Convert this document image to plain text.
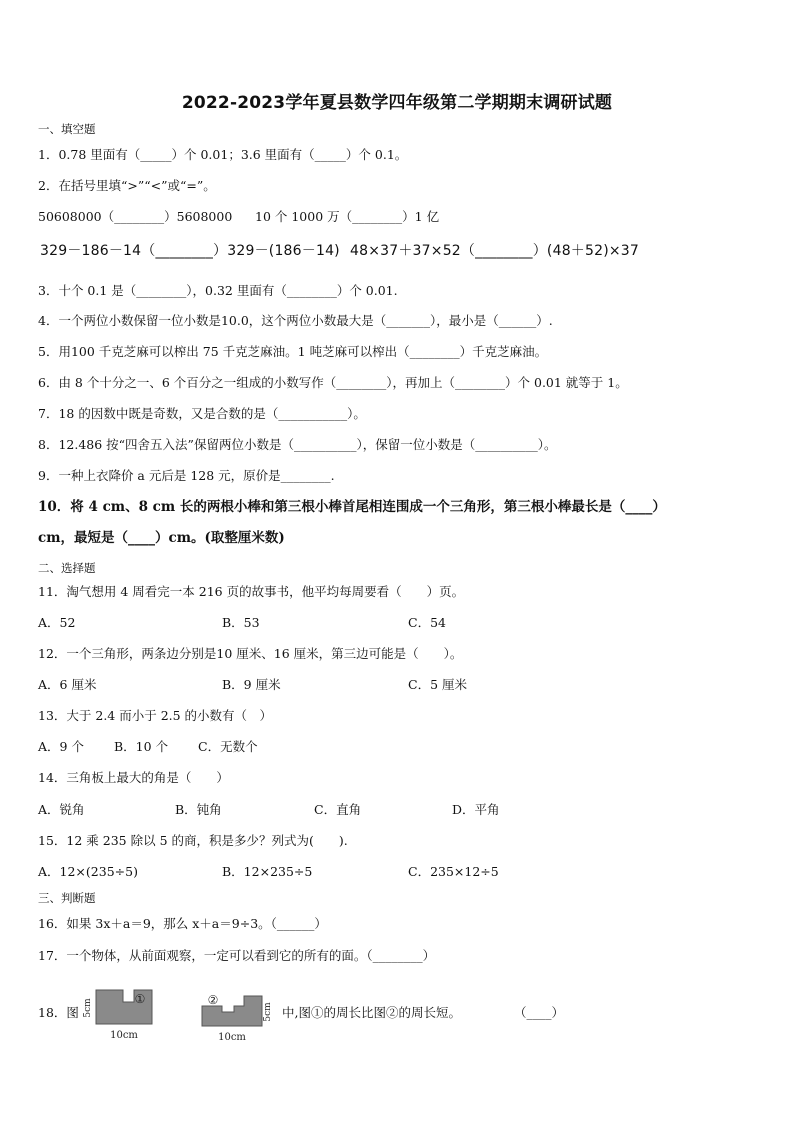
2022-2023学年夏县数学四年级第二学期期末调研试题
一、填空题
1．0.78 里面有（_____）个 0.01；3.6 里面有（_____）个 0.1。
2．在括号里填“>”“<”或“=”。
50608000（________）5608000 10 个 1000 万（________）1 亿
329－186－14（________）329－(186－14) 48×37＋37×52（________）(48＋52)×37
3．十个 0.1 是（________），0.32 里面有（________）个 0.01.
4．一个两位小数保留一位小数是10.0，这个两位小数最大是（_______），最小是（______）.
5．用100 千克芝麻可以榨出 75 千克芝麻油。1 吨芝麻可以榨出（________）千克芝麻油。
6．由 8 个十分之一、6 个百分之一组成的小数写作（________），再加上（________）个 0.01 就等于 1。
7．18 的因数中既是奇数，又是合数的是（___________）。
8．12.486 按“四舍五入法”保留两位小数是（__________），保留一位小数是（__________）。
9．一种上衣降价 a 元后是 128 元，原价是________.
10．将 4 cm、8 cm 长的两根小棒和第三根小棒首尾相连围成一个三角形，第三根小棒最长是（____）
cm，最短是（____）cm。(取整厘米数)
二、选择题
11．淘气想用 4 周看完一本 216 页的故事书，他平均每周要看（　　）页。
A．52	B．53	C．54
12．一个三角形，两条边分别是10 厘米、16 厘米，第三边可能是（　　）。
A．6 厘米	B．9 厘米	C．5 厘米
13．大于 2.4 而小于 2.5 的小数有（　）
A．9 个 B．10 个 C．无数个
14．三角板上最大的角是（　　）
A．锐角	B．钝角	C．直角	D．平角
15．12 乘 235 除以 5 的商，积是多少？列式为(　　).
A．12×(235÷5)	B．12×235÷5	C．235×12÷5
三、判断题
16．如果 3x＋a＝9，那么 x＋a＝9÷3。（______）
17．一个物体，从前面观察，一定可以看到它的所有的面。（________）
18．图
①
5cm
10cm
②
5cm
10cm
中,图①的周长比图②的周长短。	（____）
